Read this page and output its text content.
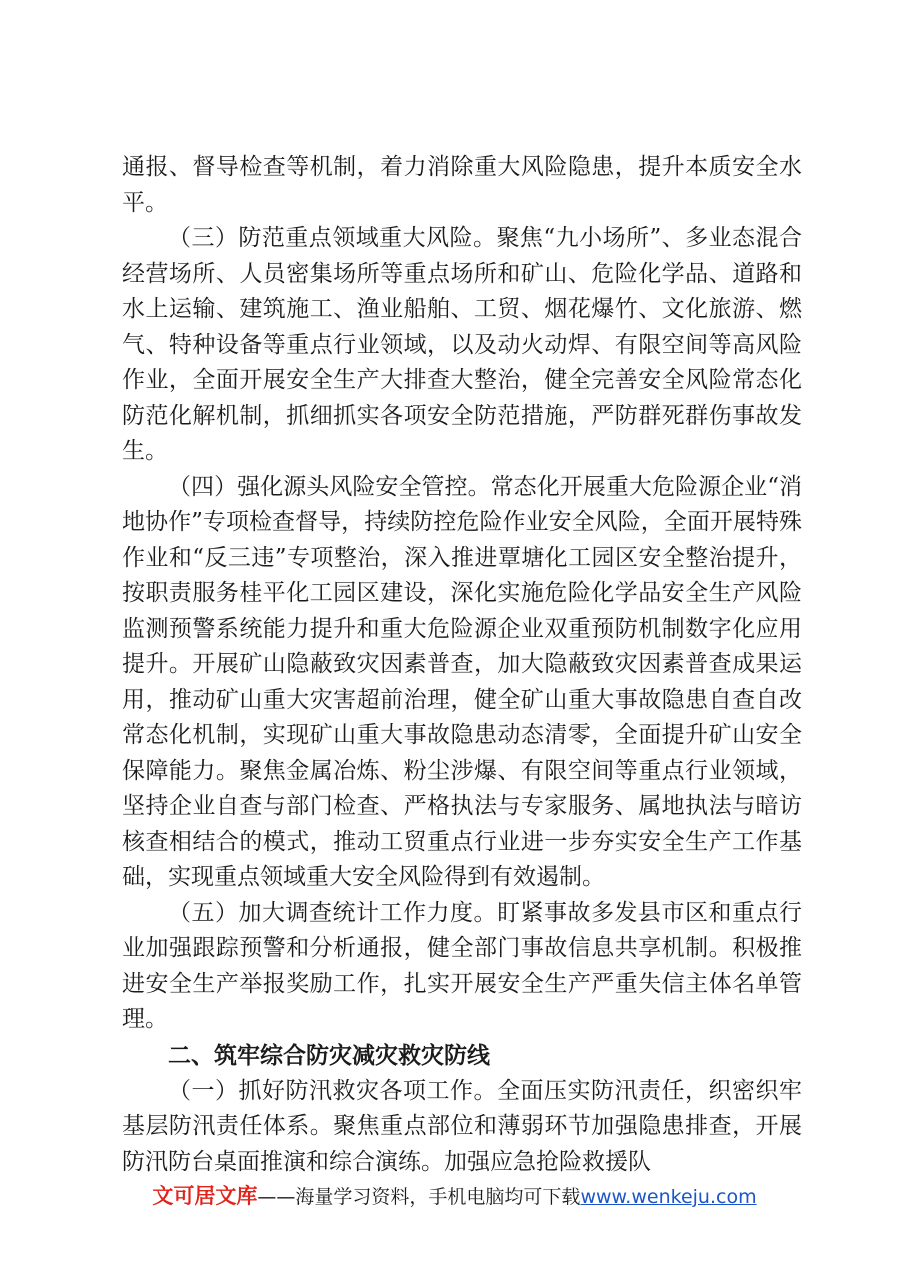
通报、督导检查等机制，着力消除重大风险隐患，提升本质安全水平。

（三）防范重点领域重大风险。聚焦“九小场所”、多业态混合经营场所、人员密集场所等重点场所和矿山、危险化学品、道路和水上运输、建筑施工、渔业船舶、工贸、烟花爆竹、文化旅游、燃气、特种设备等重点行业领域，以及动火动焊、有限空间等高风险作业，全面开展安全生产大排查大整治，健全完善安全风险常态化防范化解机制，抓细抓实各项安全防范措施，严防群死群伤事故发生。

（四）强化源头风险安全管控。常态化开展重大危险源企业“消地协作”专项检查督导，持续防控危险作业安全风险，全面开展特殊作业和“反三违”专项整治，深入推进覃塘化工园区安全整治提升，按职责服务桂平化工园区建设，深化实施危险化学品安全生产风险监测预警系统能力提升和重大危险源企业双重预防机制数字化应用提升。开展矿山隐蔽致灾因素普查，加大隐蔽致灾因素普查成果运用，推动矿山重大灾害超前治理，健全矿山重大事故隐患自查自改常态化机制，实现矿山重大事故隐患动态清零，全面提升矿山安全保障能力。聚焦金属冶炼、粉尘涉爆、有限空间等重点行业领域，坚持企业自查与部门检查、严格执法与专家服务、属地执法与暗访核查相结合的模式，推动工贸重点行业进一步夯实安全生产工作基础，实现重点领域重大安全风险得到有效遏制。

（五）加大调查统计工作力度。盯紧事故多发县市区和重点行业加强跟踪预警和分析通报，健全部门事故信息共享机制。积极推进安全生产举报奖励工作，扎实开展安全生产严重失信主体名单管理。

二、筑牢综合防灾减灾救灾防线

（一）抓好防汛救灾各项工作。全面压实防汛责任，织密织牢基层防汛责任体系。聚焦重点部位和薄弱环节加强隐患排查，开展防汛防台桌面推演和综合演练。加强应急抢险救援队

文可居文库——海量学习资料，手机电脑均可下载www.wenkeju.com
